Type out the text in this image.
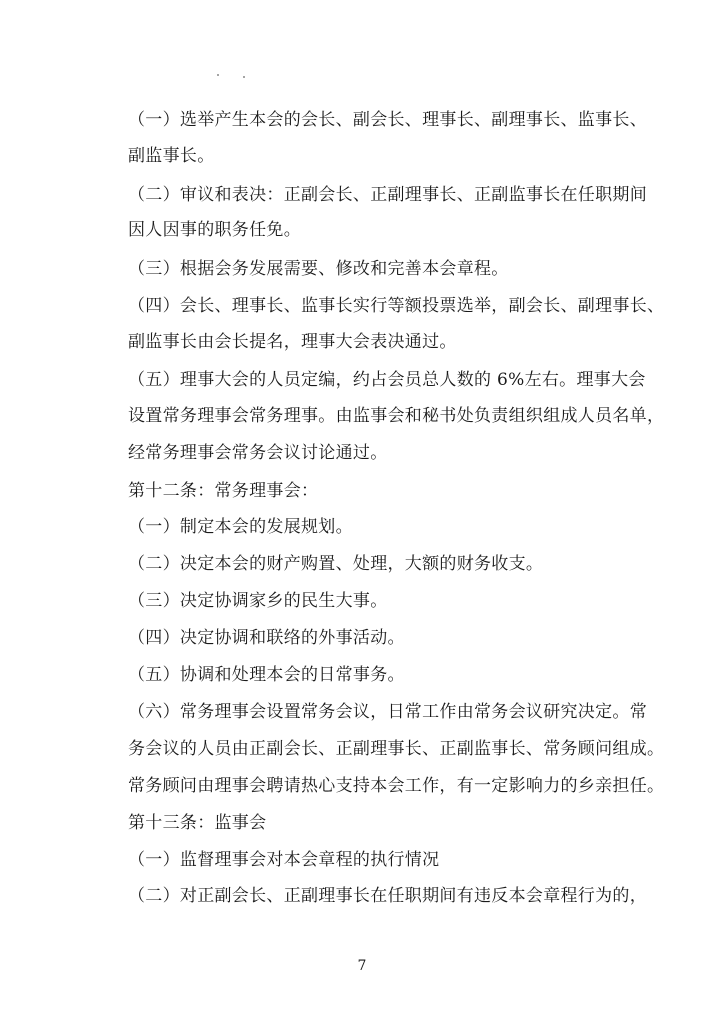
（一）选举产生本会的会长、副会长、理事长、副理事长、监事长、
副监事长。
（二）审议和表决：正副会长、正副理事长、正副监事长在任职期间
因人因事的职务任免。
（三）根据会务发展需要、修改和完善本会章程。
（四）会长、理事长、监事长实行等额投票选举，副会长、副理事长、
副监事长由会长提名，理事大会表决通过。
（五）理事大会的人员定编，约占会员总人数的 6%左右。理事大会
设置常务理事会常务理事。由监事会和秘书处负责组织组成人员名单，
经常务理事会常务会议讨论通过。
第十二条：常务理事会：
（一）制定本会的发展规划。
（二）决定本会的财产购置、处理，大额的财务收支。
（三）决定协调家乡的民生大事。
（四）决定协调和联络的外事活动。
（五）协调和处理本会的日常事务。
（六）常务理事会设置常务会议，日常工作由常务会议研究决定。常
务会议的人员由正副会长、正副理事长、正副监事长、常务顾问组成。
常务顾问由理事会聘请热心支持本会工作，有一定影响力的乡亲担任。
第十三条：监事会
（一）监督理事会对本会章程的执行情况
（二）对正副会长、正副理事长在任职期间有违反本会章程行为的，
7
